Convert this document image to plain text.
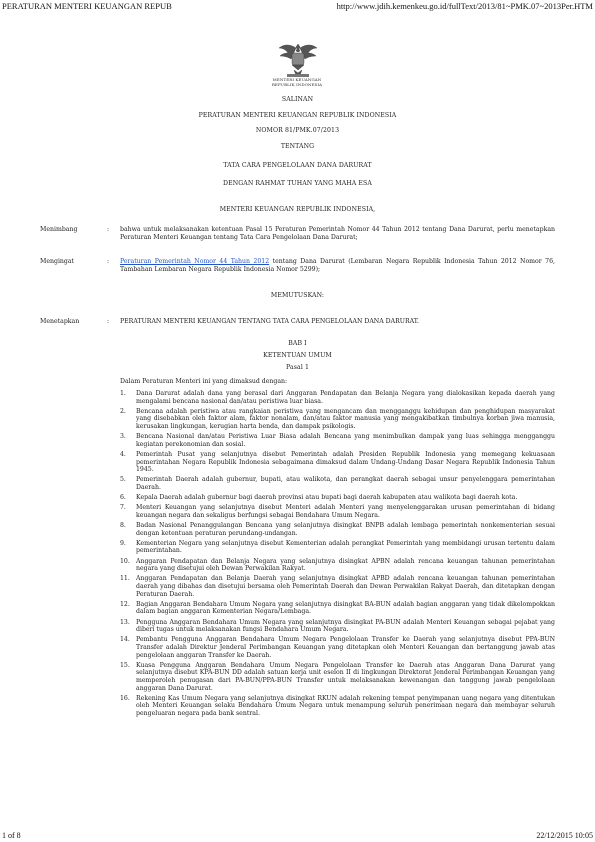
PERATURAN MENTERI KEUANGAN REPUB	http://www.jdih.kemenkeu.go.id/fullText/2013/81~PMK.07~2013Per.HTM
MENTERI KEUANGAN
REPUBLIK INDONESIA
SALINAN
PERATURAN MENTERI KEUANGAN REPUBLIK INDONESIA
NOMOR 81/PMK.07/2013
TENTANG
TATA CARA PENGELOLAAN DANA DARURAT
DENGAN RAHMAT TUHAN YANG MAHA ESA
MENTERI KEUANGAN REPUBLIK INDONESIA,
Menimbang	: bahwa untuk melaksanakan ketentuan Pasal 15 Peraturan Pemerintah Nomor 44 Tahun 2012 tentang Dana Darurat, perlu menetapkan Peraturan Menteri Keuangan tentang Tata Cara Pengelolaan Dana Darurat;
Mengingat	: Peraturan Pemerintah Nomor 44 Tahun 2012 tentang Dana Darurat (Lembaran Negara Republik Indonesia Tahun 2012 Nomor 76, Tambahan Lembaran Negara Republik Indonesia Nomor 5299);
MEMUTUSKAN:
Menetapkan	: PERATURAN MENTERI KEUANGAN TENTANG TATA CARA PENGELOLAAN DANA DARURAT.
BAB I
KETENTUAN UMUM
Pasal 1
Dalam Peraturan Menteri ini yang dimaksud dengan:
1.	Dana Darurat adalah dana yang berasal dari Anggaran Pendapatan dan Belanja Negara yang dialokasikan kepada daerah yang mengalami bencana nasional dan/atau peristiwa luar biasa.
2.	Bencana adalah peristiwa atau rangkaian peristiwa yang mengancam dan mengganggu kehidupan dan penghidupan masyarakat yang disebabkan oleh faktor alam, faktor nonalam, dan/atau faktor manusia yang mengakibatkan timbulnya korban jiwa manusia, kerusakan lingkungan, kerugian harta benda, dan dampak psikologis.
3.	Bencana Nasional dan/atau Peristiwa Luar Biasa adalah Bencana yang menimbulkan dampak yang luas sehingga mengganggu kegiatan perekonomian dan sosial.
4.	Pemerintah Pusat yang selanjutnya disebut Pemerintah adalah Presiden Republik Indonesia yang memegang kekuasaan pemerintahan Negara Republik Indonesia sebagaimana dimaksud dalam Undang-Undang Dasar Negara Republik Indonesia Tahun 1945.
5.	Pemerintah Daerah adalah gubernur, bupati, atau walikota, dan perangkat daerah sebagai unsur penyelenggara pemerintahan Daerah.
6.	Kepala Daerah adalah gubernur bagi daerah provinsi atau bupati bagi daerah kabupaten atau walikota bagi daerah kota.
7.	Menteri Keuangan yang selanjutnya disebut Menteri adalah Menteri yang menyelenggarakan urusan pemerintahan di bidang keuangan negara dan sekaligus berfungsi sebagai Bendahara Umum Negara.
8.	Badan Nasional Penanggulangan Bencana yang selanjutnya disingkat BNPB adalah lembaga pemerintah nonkementerian sesuai dengan ketentuan peraturan perundang-undangan.
9.	Kementerian Negara yang selanjutnya disebut Kementerian adalah perangkat Pemerintah yang membidangi urusan tertentu dalam pemerintahan.
10. Anggaran Pendapatan dan Belanja Negara yang selanjutnya disingkat APBN adalah rencana keuangan tahunan pemerintahan negara yang disetujui oleh Dewan Perwakilan Rakyat.
11. Anggaran Pendapatan dan Belanja Daerah yang selanjutnya disingkat APBD adalah rencana keuangan tahunan pemerintahan daerah yang dibahas dan disetujui bersama oleh Pemerintah Daerah dan Dewan Perwakilan Rakyat Daerah, dan ditetapkan dengan Peraturan Daerah.
12. Bagian Anggaran Bendahara Umum Negara yang selanjutnya disingkat BA-BUN adalah bagian anggaran yang tidak dikelompokkan dalam bagian anggaran Kementerian Negara/Lembaga.
13. Pengguna Anggaran Bendahara Umum Negara yang selanjutnya disingkat PA-BUN adalah Menteri Keuangan sebagai pejabat yang diberi tugas untuk melaksanakan fungsi Bendahara Umum Negara.
14. Pembantu Pengguna Anggaran Bendahara Umum Negara Pengelolaan Transfer ke Daerah yang selanjutnya disebut PPA-BUN Transfer adalah Direktur Jenderal Perimbangan Keuangan yang ditetapkan oleh Menteri Keuangan dan bertanggung jawab atas pengelolaan anggaran Transfer ke Daerah.
15. Kuasa Pengguna Anggaran Bendahara Umum Negara Pengelolaan Transfer ke Daerah atas Anggaran Dana Darurat yang selanjutnya disebut KPA-BUN DD adalah satuan kerja unit eselon II di lingkungan Direktorat Jenderal Perimbangan Keuangan yang memperoleh penugasan dari PA-BUN/PPA-BUN Transfer untuk melaksanakan kewenangan dan tanggung jawab pengelolaan anggaran Dana Darurat.
16. Rekening Kas Umum Negara yang selanjutnya disingkat RKUN adalah rekening tempat penyimpanan uang negara yang ditentukan oleh Menteri Keuangan selaku Bendahara Umum Negara untuk menampung seluruh penerimaan negara dan membayar seluruh pengeluaran negara pada bank sentral.
1 of 8	22/12/2015 10:05
